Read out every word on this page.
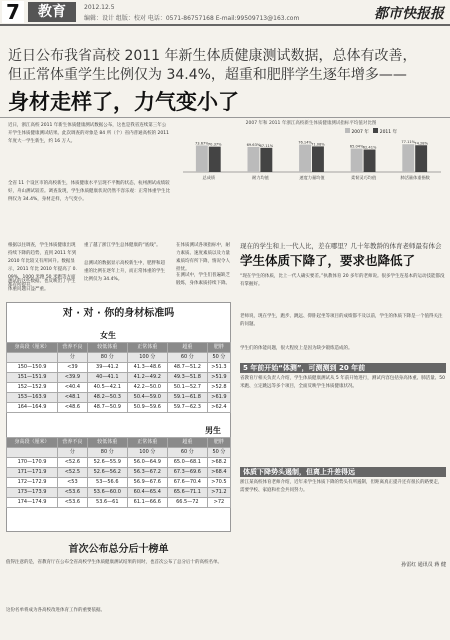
7	教育	2012.12.5
编辑：设计 组版：校对 电话：0571-86757168 E-mail:99509713@163.com	都市快报报
近日公布我省高校 2011 年新生体质健康测试数据，总体有改善，
但正常体重学生比例仅为 34.4%，超重和肥胖学生逐年增多——
身材走样了，力气变小了
近日，浙江高校 2011 年新生体质健康测试数据公布，这也是我省连续第三年公开学生体质健康测试结果。此次调查的对象是 84 所（个）省内普通高校的 2011 年度大一学生新生，约 16 万人。
全省 11 个设区市的高校新生，体质健康水平呈现不平衡的状态，杭州测试成绩较好，舟山测试较差。调查发现，学生体质健康状况仍然不容乐观：正常体重学生比例仅为 34.4%，身材走样，力气变小。
2007 年和 2011 年浙江高校新生体质健康测试指标平均值对比图
2007 年 2011 年
73.67% 70.37%
总成绩
69.63% 67.11%
耐力均值
76.14% 71.08%
速度力量均值
65.04% 62.41%
柔韧灵巧均值
77.11% 74.28%
肺活量体重指数
根据以往调查，学生体质健康出现持续下降的趋势，直到 2011 年到 2010 年比较又有所回升。数据显示，2011 年比 2010 年提高了 0.09%，1000 米跑 50 米跑等方面都有所提升。
测试的这些数据，也反映出了学生体重问题日益严重。
重了越了浙江学生总体健康的“底线”。
总测试的数据显示高校新生中，肥胖和超重的比例在逐年上升，而正常体重的学生比例仅为 34.4%。
在体质测试各项指标中，耐力素质、速度素质以及力量素质均有所下降，情况令人担忧。
在测试中，学生们普遍缺乏锻炼，身体素质持续下降。
对 · 对 · 你的身材标准吗
女生
身高段（厘米）	营养不良	较低体重	正常体重	超重	肥胖
	分	80 分	100 分	60 分	50 分
150—150.9	<39	39—41.2	41.3—48.6	48.7—51.2	>51.3
151—151.9	<39.9	40—41.1	41.2—49.2	49.3—51.8	>51.9
152—152.9	<40.4	40.5—42.1	42.2—50.0	50.1—52.7	>52.8
153—163.9	<48.1	48.2—50.3	50.4—59.0	59.1—61.8	>61.9
164—164.9	<48.6	48.7—50.9	50.9—59.6	59.7—62.3	>62.4
男生
身高段（厘米）	营养不良	较低体重	正常体重	超重	肥胖
	分	80 分	100 分	60 分	50 分
170—170.9	<52.6	52.6—55.9	56.0—64.9	65.0—68.1	>68.2
171—171.9	<52.5	52.6—56.2	56.3—67.2	67.3—69.6	>68.4
172—172.9	<53	53—56.6	56.9—67.6	67.6—70.4	>70.5
173—173.9	<53.6	53.6—60.0	60.4—65.4	65.6—71.1	>71.2
174—174.9	<53.6	53.6—61	61.1—66.6	66.5—72	>72
首次公布总分后十榜单
值得注意的是，省教育厅在公布全省高校学生体质健康测试结果的同时，也首次公布了总分后十的高校名单。
这份名单将成为各高校改进体育工作的重要依据。
现在的学生和上一代人比，差在哪里？几十年教龄的体育老师最有体会
学生体质下降了，要求也降低了
“现在学生的体质，比上一代人确实要差。”执教体育 20 多年的老师说。很多学生连基本的运动技能都没有掌握好。
老师说，现在学生，跑步、跳远、仰卧起坐等项目的成绩都不及以前，学生的体质下降是一个值得关注的问题。
学生们的体能问题，很大程度上是因为缺少锻炼造成的。
5 年前开始“体测”，可测测到 20 年前
省教育厅相关负责人介绍，学生体质健康测试从 5 年前开始进行，测试内容包括身高体重、肺活量、50 米跑、立定跳远等多个项目，全面反映学生体质健康状况。
体质下降势头遏制，但离上升差得远
浙江某高校体育老师介绍，近年来学生体质下降的势头有所遏制，但距离真正提升还有很长的路要走，需要学校、家庭和社会共同努力。
孙雷红 通讯员 蒋 健
